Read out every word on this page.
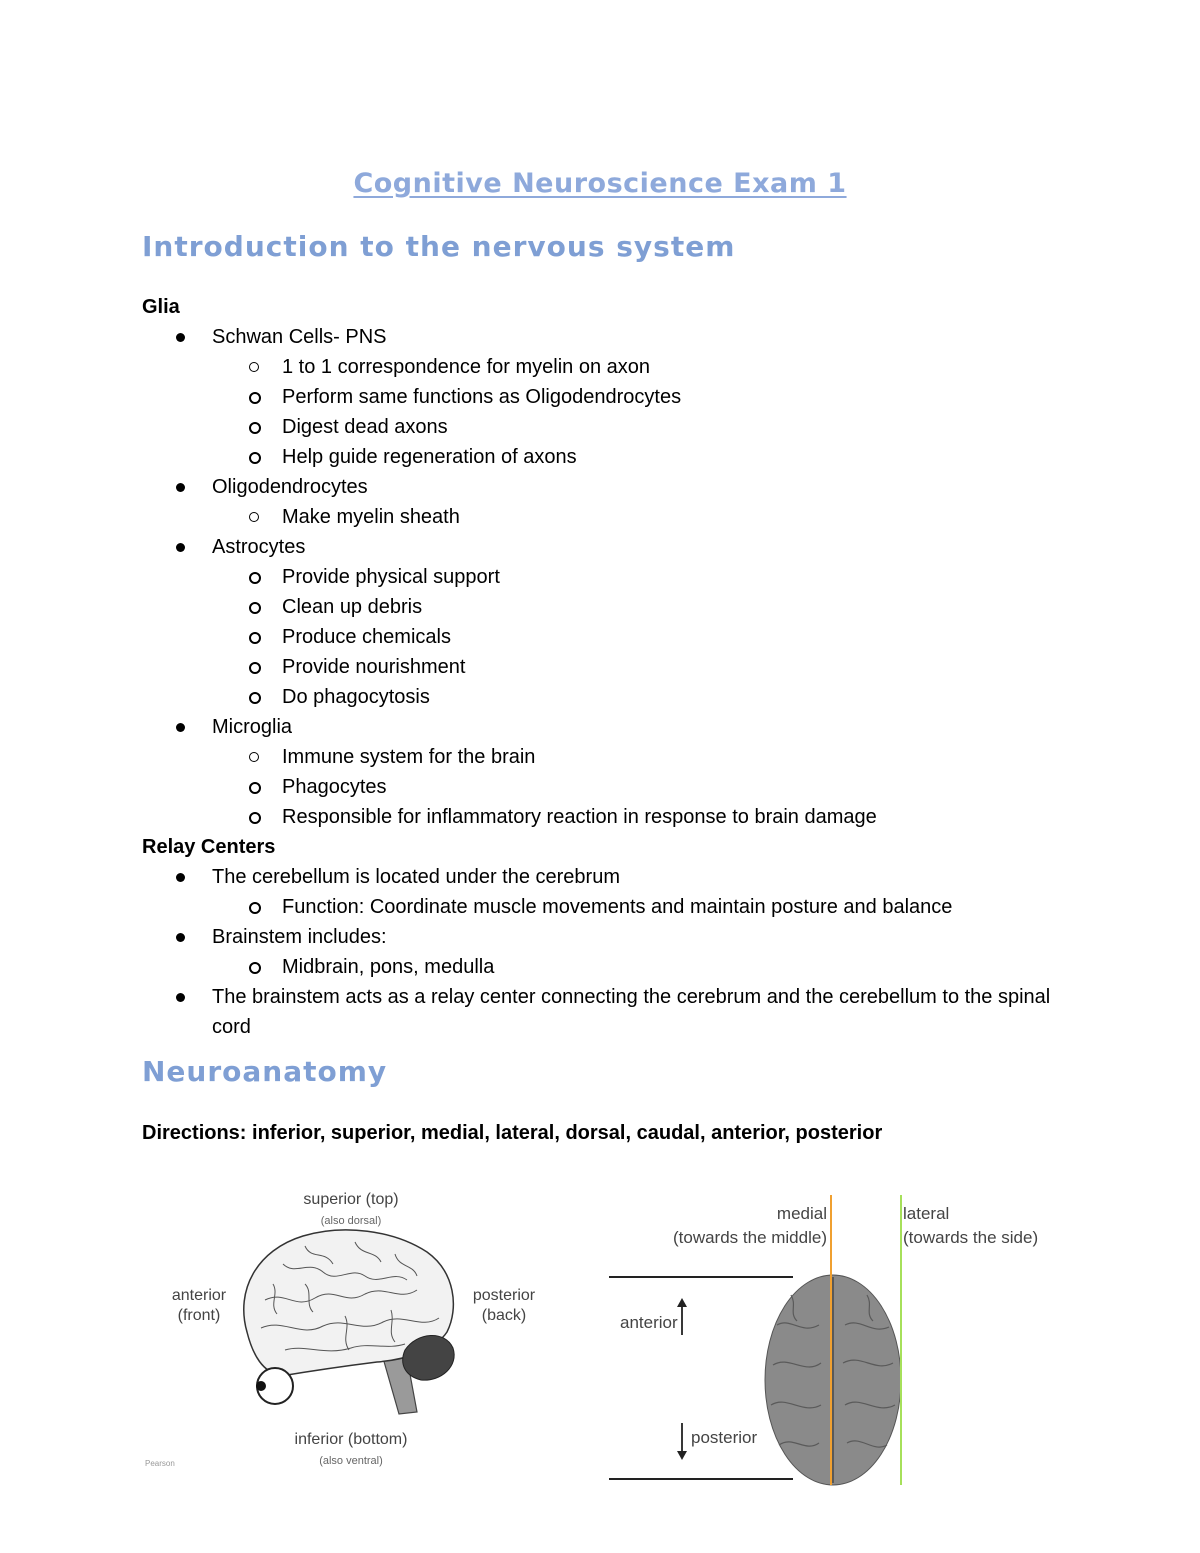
Cognitive Neuroscience Exam 1
Introduction to the nervous system
Glia
Schwan Cells- PNS
1 to 1 correspondence for myelin on axon
Perform same functions as Oligodendrocytes
Digest dead axons
Help guide regeneration of axons
Oligodendrocytes
Make myelin sheath
Astrocytes
Provide physical support
Clean up debris
Produce chemicals
Provide nourishment
Do phagocytosis
Microglia
Immune system for the brain
Phagocytes
Responsible for inflammatory reaction in response to brain damage
Relay Centers
The cerebellum is located under the cerebrum
Function: Coordinate muscle movements and maintain posture and balance
Brainstem includes:
Midbrain, pons, medulla
The brainstem acts as a relay center connecting the cerebrum and the cerebellum to the spinal cord
Neuroanatomy
Directions: inferior, superior, medial, lateral, dorsal, caudal, anterior, posterior
superior (top)
(also dorsal)
anterior
(front)
posterior
(back)
inferior (bottom)
(also ventral)
Pearson
medial
(towards the middle)
lateral
(towards the side)
anterior
posterior
